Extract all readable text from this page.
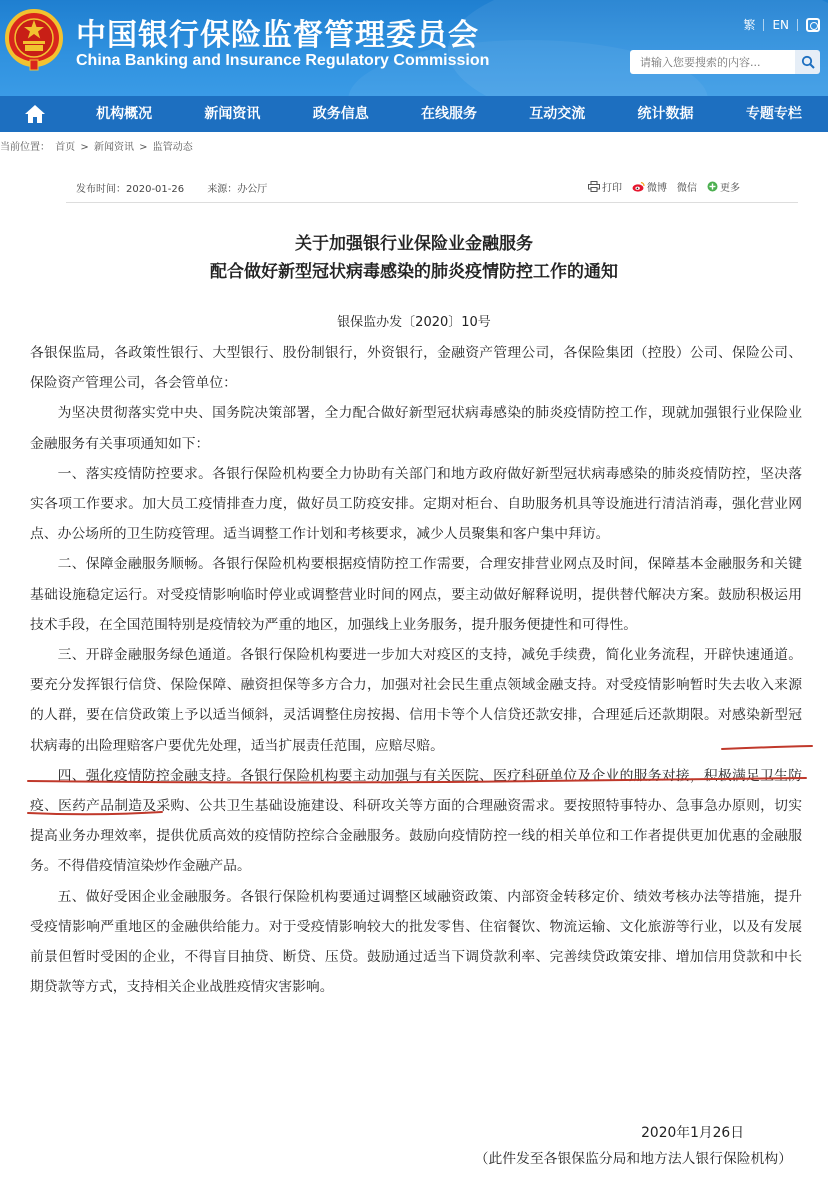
中国银行保险监督管理委员会
China Banking and Insurance Regulatory Commission
繁 EN
请输入您要搜索的内容...
机构概况	新闻资讯	政务信息	在线服务	互动交流	统计数据	专题专栏
当前位置： 首页 > 新闻资讯 > 监管动态
发布时间：2020-01-26 来源：办公厅	打印	微博 微信 更多
关于加强银行业保险业金融服务
配合做好新型冠状病毒感染的肺炎疫情防控工作的通知
银保监办发〔2020〕10号

各银保监局，各政策性银行、大型银行、股份制银行，外资银行，金融资产管理公司，各保险集团（控股）公司、保险公司、保险资产管理公司，各会管单位：

为坚决贯彻落实党中央、国务院决策部署，全力配合做好新型冠状病毒感染的肺炎疫情防控工作，现就加强银行业保险业金融服务有关事项通知如下：

一、落实疫情防控要求。各银行保险机构要全力协助有关部门和地方政府做好新型冠状病毒感染的肺炎疫情防控，坚决落实各项工作要求。加大员工疫情排查力度，做好员工防疫安排。定期对柜台、自助服务机具等设施进行清洁消毒，强化营业网点、办公场所的卫生防疫管理。适当调整工作计划和考核要求，减少人员聚集和客户集中拜访。

二、保障金融服务顺畅。各银行保险机构要根据疫情防控工作需要，合理安排营业网点及时间，保障基本金融服务和关键基础设施稳定运行。对受疫情影响临时停业或调整营业时间的网点，要主动做好解释说明，提供替代解决方案。鼓励积极运用技术手段，在全国范围特别是疫情较为严重的地区，加强线上业务服务，提升服务便捷性和可得性。

三、开辟金融服务绿色通道。各银行保险机构要进一步加大对疫区的支持，减免手续费，简化业务流程，开辟快速通道。要充分发挥银行信贷、保险保障、融资担保等多方合力，加强对社会民生重点领域金融支持。对受疫情影响暂时失去收入来源的人群，要在信贷政策上予以适当倾斜，灵活调整住房按揭、信用卡等个人信贷还款安排，合理延后还款期限。对感染新型冠状病毒的出险理赔客户要优先处理，适当扩展责任范围，应赔尽赔。

四、强化疫情防控金融支持。各银行保险机构要主动加强与有关医院、医疗科研单位及企业的服务对接，积极满足卫生防疫、医药产品制造及采购、公共卫生基础设施建设、科研攻关等方面的合理融资需求。要按照特事特办、急事急办原则，切实提高业务办理效率，提供优质高效的疫情防控综合金融服务。鼓励向疫情防控一线的相关单位和工作者提供更加优惠的金融服务。不得借疫情渲染炒作金融产品。

五、做好受困企业金融服务。各银行保险机构要通过调整区域融资政策、内部资金转移定价、绩效考核办法等措施，提升受疫情影响严重地区的金融供给能力。对于受疫情影响较大的批发零售、住宿餐饮、物流运输、文化旅游等行业，以及有发展前景但暂时受困的企业，不得盲目抽贷、断贷、压贷。鼓励通过适当下调贷款利率、完善续贷政策安排、增加信用贷款和中长期贷款等方式，支持相关企业战胜疫情灾害影响。

2020年1月26日
（此件发至各银保监分局和地方法人银行保险机构）
